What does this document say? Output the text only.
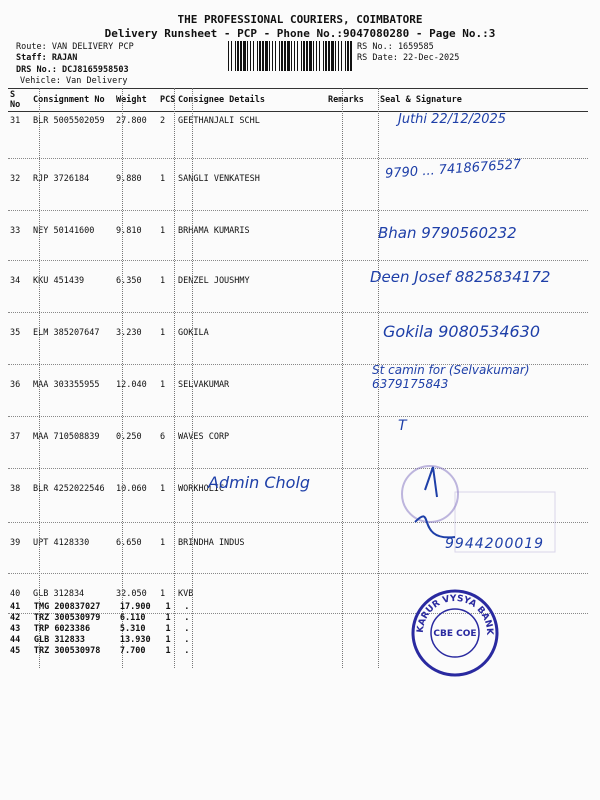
THE PROFESSIONAL COURIERS, COIMBATORE
Delivery Runsheet - PCP - Phone No.:9047080280 - Page No.:3
Route: VAN DELIVERY PCP
Staff: RAJAN
DRS No.: DCJ8165958503
Vehicle: Van Delivery
RS No.: 1659585
RS Date: 22-Dec-2025
S No	Consignment No	Weight	PCS	Consignee Details	Remarks	Seal & Signature
31	BLR 5005502059	27.800	2	GEETHANJALI SCHL		
32	RJP 3726184	9.880	1	SANGLI VENKATESH		
33	NEY 50141600	9.810	1	BRHAMA KUMARIS		
34	KKU 451439	6.350	1	DENZEL JOUSHMY		
35	ELM 385207647	3.230	1	GOKILA		
36	MAA 303355955	12.040	1	SELVAKUMAR		
37	MAA 710508839	0.250	6	WAVES CORP		
38	BLR 4252022546	10.060	1	WORKHOLIC		
39	UPT 4128330	6.650	1	BRINDHA INDUS		
40	GLB 312834	32.050	1	KVB		
41	TMG 200837027	17.900	1	.
42	TRZ 300530979	6.110	1	.
43	TRP 6023386	5.310	1	.
44	GLB 312833	13.930	1	.
45	TRZ 300530978	7.700	1	.
Juthi 22/12/2025
9790 ... 7418676527
Bhan 9790560232
Deen Josef 8825834172
Gokila 9080534630
St camin for (Selvakumar) 6379175843
T
Admin Cholg
9944200019
KARUR VYSYA BANK
CBE COE
